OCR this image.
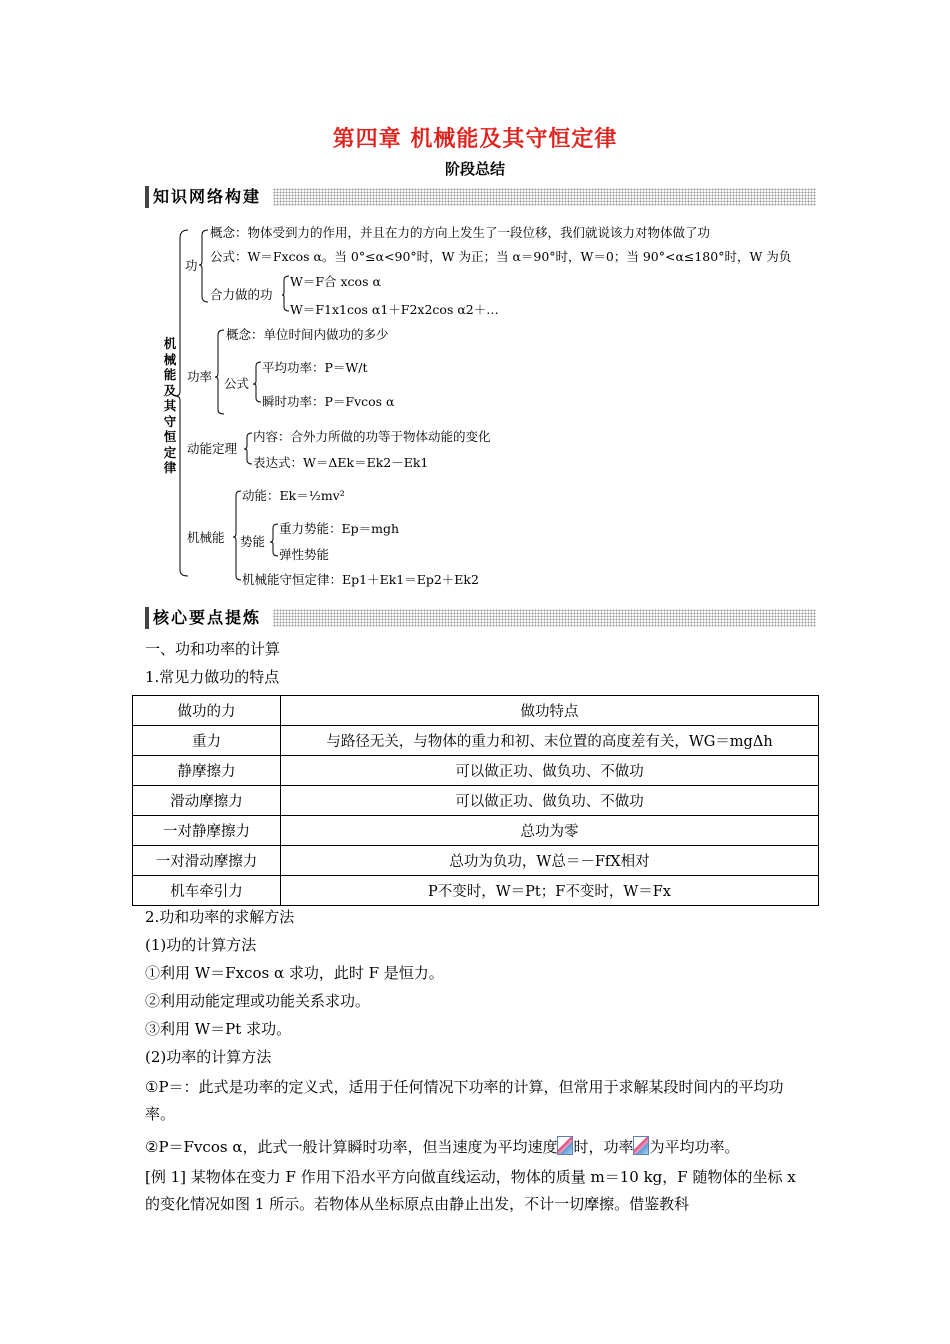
第四章 机械能及其守恒定律
阶段总结
知识网络构建
机械能及其守恒定律
功
概念：物体受到力的作用，并且在力的方向上发生了一段位移，我们就说该力对物体做了功
公式：W＝Fxcos α。当 0°≤α<90°时，W 为正；当 α＝90°时，W＝0；当 90°<α≤180°时，W 为负
合力做的功
W＝F合 xcos α
W＝F1x1cos α1＋F2x2cos α2＋…
功率
概念：单位时间内做功的多少
公式
平均功率：P＝W/t
瞬时功率：P＝Fvcos α
动能定理
内容：合外力所做的功等于物体动能的变化
表达式：W＝ΔEk＝Ek2－Ek1
机械能
动能：Ek＝½mv²
势能
重力势能：Ep＝mgh
弹性势能
机械能守恒定律：Ep1＋Ek1＝Ep2＋Ek2
核心要点提炼
一、功和功率的计算
1.常见力做功的特点
做功的力	做功特点
重力	与路径无关，与物体的重力和初、末位置的高度差有关，WG＝mgΔh
静摩擦力	可以做正功、做负功、不做功
滑动摩擦力	可以做正功、做负功、不做功
一对静摩擦力	总功为零
一对滑动摩擦力	总功为负功，W总＝－FfX相对
机车牵引力	P不变时，W＝Pt；F不变时，W＝Fx
2.功和功率的求解方法
(1)功的计算方法
①利用 W＝Fxcos α 求功，此时 F 是恒力。
②利用动能定理或功能关系求功。
③利用 W＝Pt 求功。
(2)功率的计算方法
①P＝：此式是功率的定义式，适用于任何情况下功率的计算，但常用于求解某段时间内的平均功率。
②P＝Fvcos α，此式一般计算瞬时功率，但当速度为平均速度 时，功率 为平均功率。
[例 1] 某物体在变力 F 作用下沿水平方向做直线运动，物体的质量 m＝10 kg，F 随物体的坐标 x 的变化情况如图 1 所示。若物体从坐标原点由静止出发，不计一切摩擦。借鉴教科
